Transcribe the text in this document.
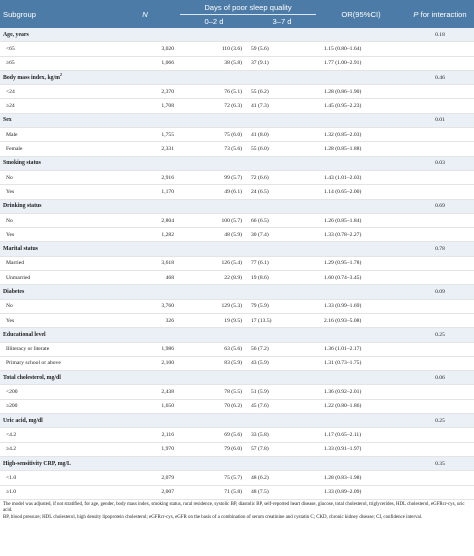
Subgroup	N	Days of poor sleep quality		OR(95%CI)	P for interaction
		0–2 d	3–7 d		
Age, years					0.18
<65	3,020	110 (3.6)	59 (5.6)	1.15 (0.80–1.64)	
≥65	1,066	38 (5.8)	37 (9.1)	1.77 (1.00–2.91)	
Body mass index, $kg/m^2$					0.46
<24	2,370	76 (5.1)	55 (6.2)	1.28 (0.86–1.90)	
≥24	1,708	72 (6.3)	41 (7.3)	1.45 (0.95–2.23)	
Sex					0.01
Male	1,755	75 (6.0)	41 (8.0)	1.32 (0.85–2.03)	
Female	2,331	73 (5.6)	55 (6.0)	1.28 (0.85–1.88)	
Smoking status					0.03
No	2,916	99 (5.7)	72 (6.6)	1.43 (1.01–2.03)	
Yes	1,170	49 (6.1)	24 (6.5)	1.14 (0.65–2.00)	
Drinking status					0.69
No	2,804	100 (5.7)	66 (6.5)	1.26 (0.85–1.84)	
Yes	1,282	48 (5.9)	30 (7.4)	1.33 (0.78–2.27)	
Marital status					0.78
Married	3,618	126 (5.4)	77 (6.1)	1.29 (0.95–1.78)	
Unmarried	468	22 (8.9)	19 (8.6)	1.60 (0.74–3.45)	
Diabetes					0.09
No	3,760	129 (5.3)	79 (5.9)	1.33 (0.99–1.69)	
Yes	326	19 (9.5)	17 (13.5)	2.16 (0.93–5.08)	
Educational level					0.25
Illiteracy or literate	1,986	63 (5.6)	56 (7.2)	1.36 (1.01–2.17)	
Primary school or above	2,100	83 (5.9)	43 (5.9)	1.31 (0.73–1.75)	
Total cholesterol, mg/dl					0.06
<200	2,438	78 (5.5)	51 (5.9)	1.36 (0.92–2.01)	
≥200	1,650	70 (6.2)	45 (7.6)	1.22 (0.80–1.86)	
Uric acid, mg/dl					0.25
<4.2	2,116	69 (5.6)	33 (5.8)	1.17 (0.65–2.11)	
≥4.2	1,970	79 (6.0)	57 (7.8)	1.33 (0.91–1.97)	
High-sensitivity CRP, mg/L					0.35
<1.0	2,079	75 (5.7)	48 (6.2)	1.28 (0.83–1.98)	
≥1.0	2,007	71 (5.8)	48 (7.5)	1.33 (0.89–2.09)	

The model was adjusted, if not stratified, for age, gender, body mass index, smoking status, rural residence, systolic BP, diastolic BP, self-reported heart disease, glucose, total cholesterol, triglycerides, HDL cholesterol, eGFRcr-cys, uric acid.

BP, blood pressure; HDL cholesterol, high density lipoprotein cholesterol; eGFRcr-cys, eGFR on the basis of a combination of serum creatinine and cystatin C; CKD, chronic kidney disease; CI, confidence interval.
